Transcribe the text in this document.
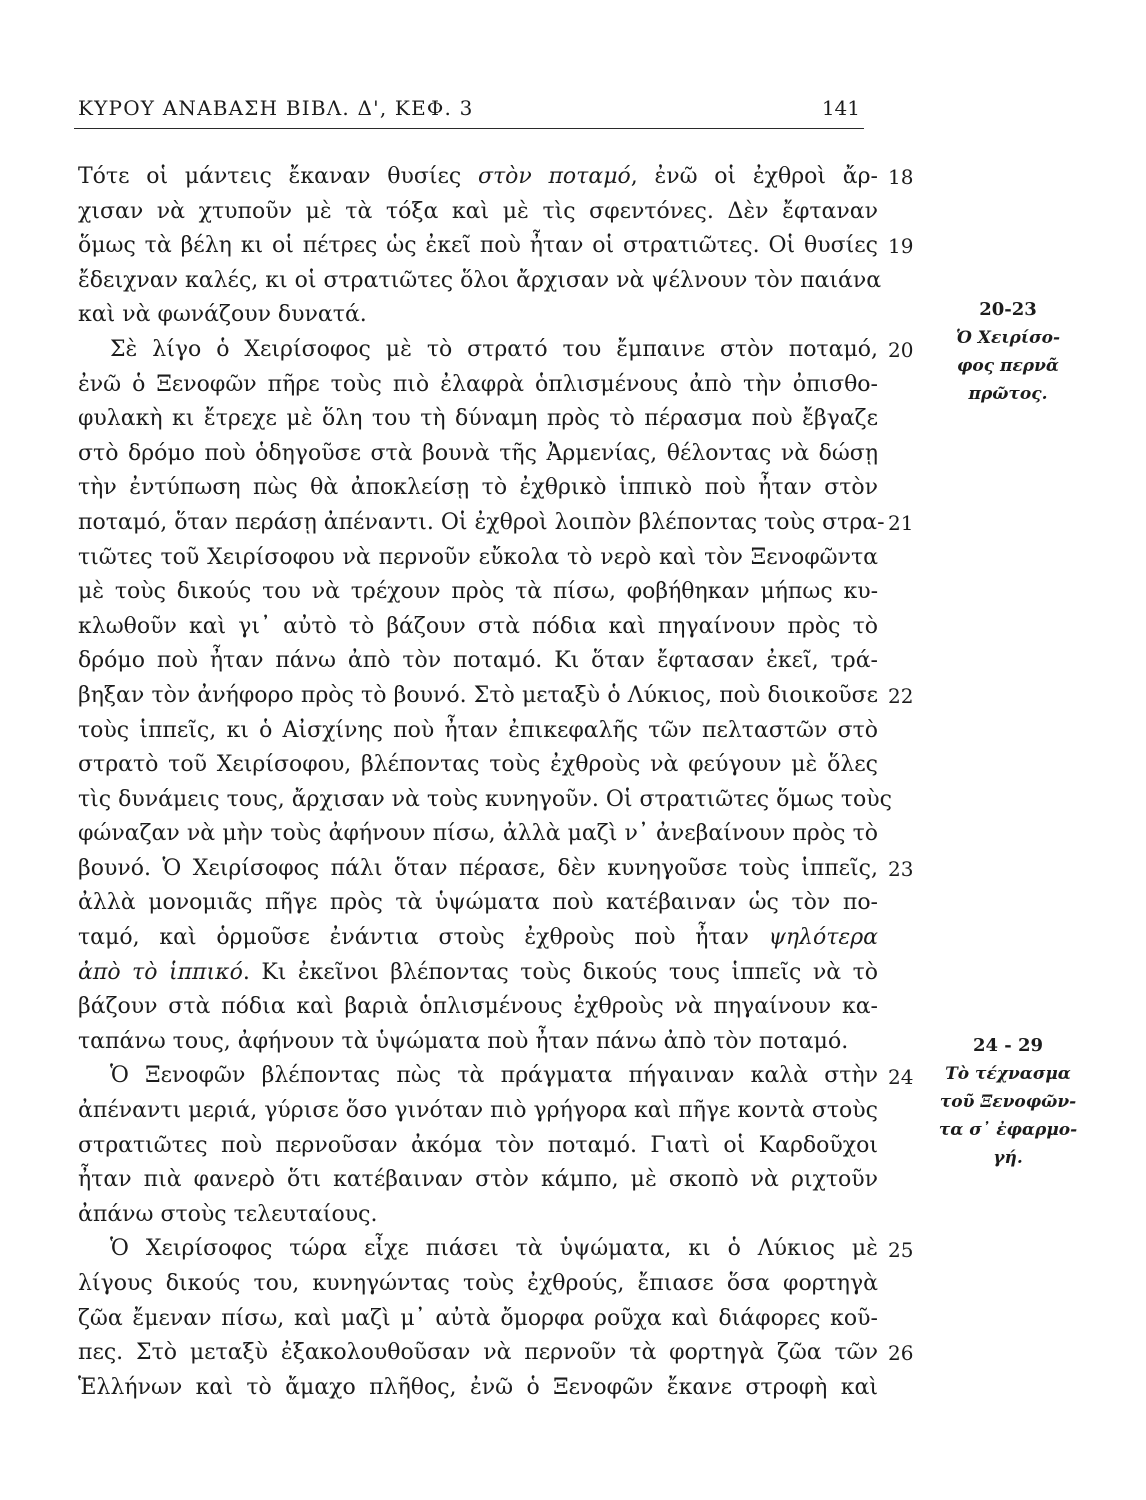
ΚΥΡΟΥ ΑΝΑΒΑΣΗ ΒΙΒΛ. Δ', ΚΕΦ. 3	141
Τότε οἱ μάντεις ἔκαναν θυσίες στὸν ποταμό, ἐνῶ οἱ ἐχθροὶ ἄρ-
χισαν νὰ χτυποῦν μὲ τὰ τόξα καὶ μὲ τὶς σφεντόνες. Δὲν ἔφταναν
ὅμως τὰ βέλη κι οἱ πέτρες ὡς ἐκεῖ ποὺ ἦταν οἱ στρατιῶτες. Οἱ θυσίες
ἔδειχναν καλές, κι οἱ στρατιῶτες ὅλοι ἄρχισαν νὰ ψέλνουν τὸν παιάνα
καὶ νὰ φωνάζουν δυνατά.
Σὲ λίγο ὁ Χειρίσοφος μὲ τὸ στρατό του ἔμπαινε στὸν ποταμό,
ἐνῶ ὁ Ξενοφῶν πῆρε τοὺς πιὸ ἐλαφρὰ ὁπλισμένους ἀπὸ τὴν ὀπισθο-
φυλακὴ κι ἔτρεχε μὲ ὅλη του τὴ δύναμη πρὸς τὸ πέρασμα ποὺ ἔβγαζε
στὸ δρόμο ποὺ ὁδηγοῦσε στὰ βουνὰ τῆς Ἀρμενίας, θέλοντας νὰ δώσῃ
τὴν ἐντύπωση πὼς θὰ ἀποκλείσῃ τὸ ἐχθρικὸ ἱππικὸ ποὺ ἦταν στὸν
ποταμό, ὅταν περάσῃ ἀπέναντι. Οἱ ἐχθροὶ λοιπὸν βλέποντας τοὺς στρα-
τιῶτες τοῦ Χειρίσοφου νὰ περνοῦν εὔκολα τὸ νερὸ καὶ τὸν Ξενοφῶντα
μὲ τοὺς δικούς του νὰ τρέχουν πρὸς τὰ πίσω, φοβήθηκαν μήπως κυ-
κλωθοῦν καὶ γι᾽ αὐτὸ τὸ βάζουν στὰ πόδια καὶ πηγαίνουν πρὸς τὸ
δρόμο ποὺ ἦταν πάνω ἀπὸ τὸν ποταμό. Κι ὅταν ἔφτασαν ἐκεῖ, τρά-
βηξαν τὸν ἀνήφορο πρὸς τὸ βουνό. Στὸ μεταξὺ ὁ Λύκιος, ποὺ διοικοῦσε
τοὺς ἱππεῖς, κι ὁ Αἰσχίνης ποὺ ἦταν ἐπικεφαλῆς τῶν πελταστῶν στὸ
στρατὸ τοῦ Χειρίσοφου, βλέποντας τοὺς ἐχθροὺς νὰ φεύγουν μὲ ὅλες
τὶς δυνάμεις τους, ἄρχισαν νὰ τοὺς κυνηγοῦν. Οἱ στρατιῶτες ὅμως τοὺς
φώναζαν νὰ μὴν τοὺς ἀφήνουν πίσω, ἀλλὰ μαζὶ ν᾽ ἀνεβαίνουν πρὸς τὸ
βουνό. Ὁ Χειρίσοφος πάλι ὅταν πέρασε, δὲν κυνηγοῦσε τοὺς ἱππεῖς,
ἀλλὰ μονομιᾶς πῆγε πρὸς τὰ ὑψώματα ποὺ κατέβαιναν ὡς τὸν πο-
ταμό, καὶ ὁρμοῦσε ἐνάντια στοὺς ἐχθροὺς ποὺ ἦταν ψηλότερα
ἀπὸ τὸ ἱππικό. Κι ἐκεῖνοι βλέποντας τοὺς δικούς τους ἱππεῖς νὰ τὸ
βάζουν στὰ πόδια καὶ βαριὰ ὁπλισμένους ἐχθροὺς νὰ πηγαίνουν κα-
ταπάνω τους, ἀφήνουν τὰ ὑψώματα ποὺ ἦταν πάνω ἀπὸ τὸν ποταμό.
Ὁ Ξενοφῶν βλέποντας πὼς τὰ πράγματα πήγαιναν καλὰ στὴν
ἀπέναντι μεριά, γύρισε ὅσο γινόταν πιὸ γρήγορα καὶ πῆγε κοντὰ στοὺς
στρατιῶτες ποὺ περνοῦσαν ἀκόμα τὸν ποταμό. Γιατὶ οἱ Καρδοῦχοι
ἦταν πιὰ φανερὸ ὅτι κατέβαιναν στὸν κάμπο, μὲ σκοπὸ νὰ ριχτοῦν
ἀπάνω στοὺς τελευταίους.
Ὁ Χειρίσοφος τώρα εἶχε πιάσει τὰ ὑψώματα, κι ὁ Λύκιος μὲ
λίγους δικούς του, κυνηγώντας τοὺς ἐχθρούς, ἔπιασε ὅσα φορτηγὰ
ζῶα ἔμεναν πίσω, καὶ μαζὶ μ᾽ αὐτὰ ὄμορφα ροῦχα καὶ διάφορες κοῦ-
πες. Στὸ μεταξὺ ἐξακολουθοῦσαν νὰ περνοῦν τὰ φορτηγὰ ζῶα τῶν
Ἑλλήνων καὶ τὸ ἄμαχο πλῆθος, ἐνῶ ὁ Ξενοφῶν ἔκανε στροφὴ καὶ
18
19
20
21
22
23
24
25
26
20-23
Ὁ Χειρίσο-
φος περνᾶ
πρῶτος.
24 - 29
Τὸ τέχνασμα
τοῦ Ξενοφῶν-
τα σ᾽ ἐφαρμο-
γή.
